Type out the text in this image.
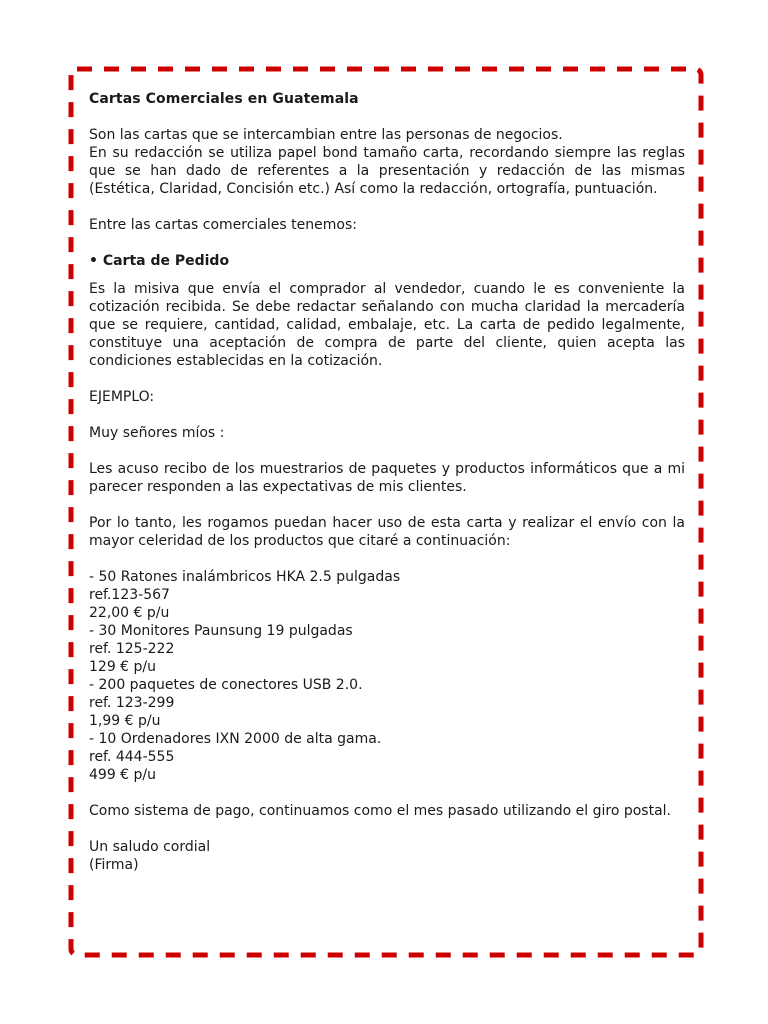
Cartas Comerciales en Guatemala

Son las cartas que se intercambian entre las personas de negocios.
En su redacción se utiliza papel bond tamaño carta, recordando siempre las reglas que se han dado de referentes a la presentación y redacción de las mismas (Estética, Claridad, Concisión etc.) Así como la redacción, ortografía, puntuación.

Entre las cartas comerciales tenemos:

• Carta de Pedido

Es la misiva que envía el comprador al vendedor, cuando le es conveniente la cotización recibida. Se debe redactar señalando con mucha claridad la mercadería que se requiere, cantidad, calidad, embalaje, etc. La carta de pedido legalmente, constituye una aceptación de compra de parte del cliente, quien acepta las condiciones establecidas en la cotización.

EJEMPLO:

Muy señores míos :

Les acuso recibo de los muestrarios de paquetes y productos informáticos que a mi parecer responden a las expectativas de mis clientes.

Por lo tanto, les rogamos puedan hacer uso de esta carta y realizar el envío con la mayor celeridad de los productos que citaré a continuación:

- 50 Ratones inalámbricos HKA 2.5 pulgadas
ref.123-567
22,00 € p/u
- 30 Monitores Paunsung 19 pulgadas
ref. 125-222
129 € p/u
- 200 paquetes de conectores USB 2.0.
ref. 123-299
1,99 € p/u
- 10 Ordenadores IXN 2000 de alta gama.
ref. 444-555
499 € p/u

Como sistema de pago, continuamos como el mes pasado utilizando el giro postal.

Un saludo cordial
(Firma)
